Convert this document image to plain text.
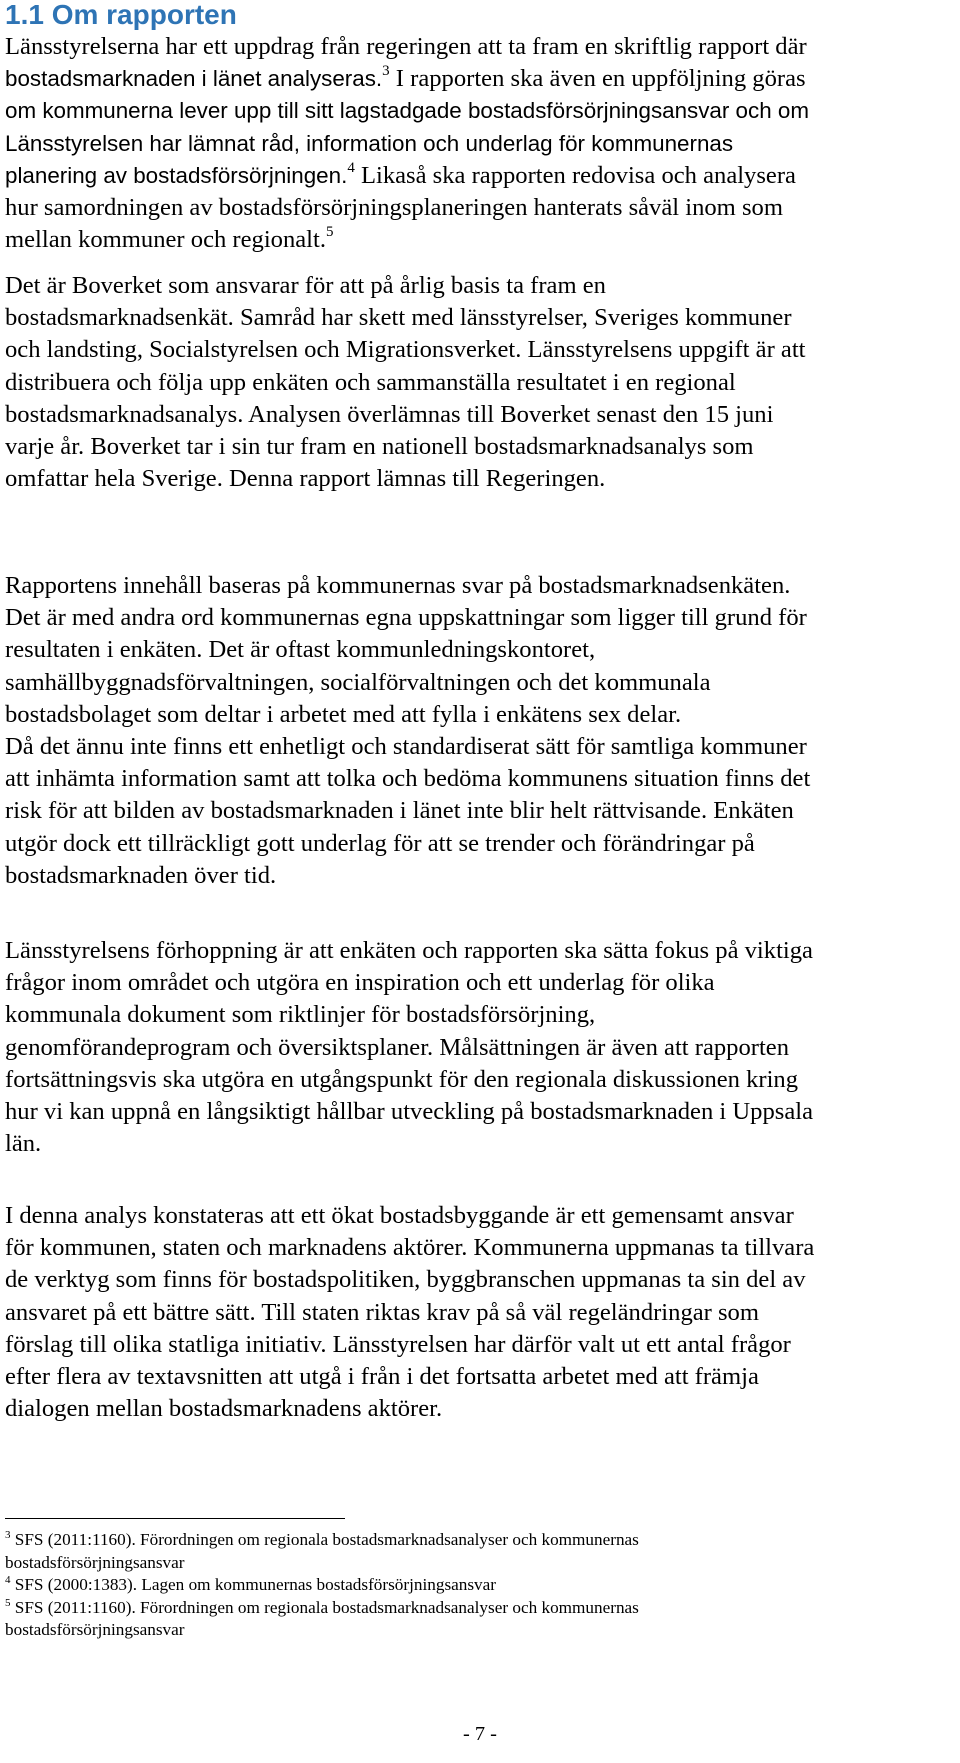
1.1 Om rapporten
Länsstyrelserna har ett uppdrag från regeringen att ta fram en skriftlig rapport där
bostadsmarknaden i länet analyseras.$^3$ I rapporten ska även en uppföljning göras
om kommunerna lever upp till sitt lagstadgade bostadsförsörjningsansvar och om
Länsstyrelsen har lämnat råd, information och underlag för kommunernas
planering av bostadsförsörjningen.$^4$ Likaså ska rapporten redovisa och analysera
hur samordningen av bostadsförsörjningsplaneringen hanterats såväl inom som
mellan kommuner och regionalt.$^5$
Det är Boverket som ansvarar för att på årlig basis ta fram en
bostadsmarknadsenkät. Samråd har skett med länsstyrelser, Sveriges kommuner
och landsting, Socialstyrelsen och Migrationsverket. Länsstyrelsens uppgift är att
distribuera och följa upp enkäten och sammanställa resultatet i en regional
bostadsmarknadsanalys. Analysen överlämnas till Boverket senast den 15 juni
varje år. Boverket tar i sin tur fram en nationell bostadsmarknadsanalys som
omfattar hela Sverige. Denna rapport lämnas till Regeringen.
Rapportens innehåll baseras på kommunernas svar på bostadsmarknadsenkäten.
Det är med andra ord kommunernas egna uppskattningar som ligger till grund för
resultaten i enkäten. Det är oftast kommunledningskontoret,
samhällbyggnadsförvaltningen, socialförvaltningen och det kommunala
bostadsbolaget som deltar i arbetet med att fylla i enkätens sex delar.
Då det ännu inte finns ett enhetligt och standardiserat sätt för samtliga kommuner
att inhämta information samt att tolka och bedöma kommunens situation finns det
risk för att bilden av bostadsmarknaden i länet inte blir helt rättvisande. Enkäten
utgör dock ett tillräckligt gott underlag för att se trender och förändringar på
bostadsmarknaden över tid.
Länsstyrelsens förhoppning är att enkäten och rapporten ska sätta fokus på viktiga
frågor inom området och utgöra en inspiration och ett underlag för olika
kommunala dokument som riktlinjer för bostadsförsörjning,
genomförandeprogram och översiktsplaner. Målsättningen är även att rapporten
fortsättningsvis ska utgöra en utgångspunkt för den regionala diskussionen kring
hur vi kan uppnå en långsiktigt hållbar utveckling på bostadsmarknaden i Uppsala
län.
I denna analys konstateras att ett ökat bostadsbyggande är ett gemensamt ansvar
för kommunen, staten och marknadens aktörer. Kommunerna uppmanas ta tillvara
de verktyg som finns för bostadspolitiken, byggbranschen uppmanas ta sin del av
ansvaret på ett bättre sätt. Till staten riktas krav på så väl regeländringar som
förslag till olika statliga initiativ. Länsstyrelsen har därför valt ut ett antal frågor
efter flera av textavsnitten att utgå i från i det fortsatta arbetet med att främja
dialogen mellan bostadsmarknadens aktörer.
$^3$ SFS (2011:1160). Förordningen om regionala bostadsmarknadsanalyser och kommunernas
bostadsförsörjningsansvar
$^4$ SFS (2000:1383). Lagen om kommunernas bostadsförsörjningsansvar
$^5$ SFS (2011:1160). Förordningen om regionala bostadsmarknadsanalyser och kommunernas
bostadsförsörjningsansvar
- 7 -
